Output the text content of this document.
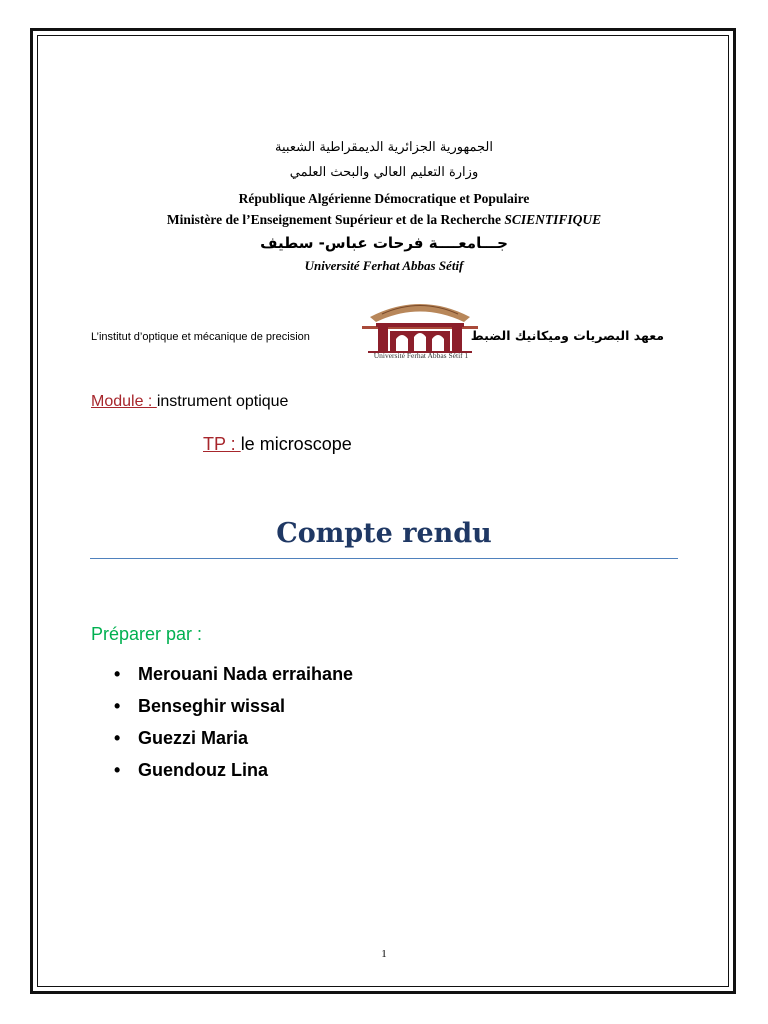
الجمهورية الجزائرية الديمقراطية الشعبية
وزارة التعليم العالي والبحث العلمي
République Algérienne Démocratique et Populaire
Ministère de l’Enseignement Supérieur et de la Recherche SCIENTIFIQUE
جـــامعــــة فرحات عباس- سطيف
Université Ferhat Abbas Sétif
L’institut d’optique et mécanique de precision
Université Ferhat Abbas Sétif 1
معهد البصريات وميكانيك الضبط
Module : instrument optique
TP : le microscope
Compte rendu
Préparer par :
• Merouani Nada erraihane
• Benseghir wissal
• Guezzi Maria
• Guendouz Lina
1
